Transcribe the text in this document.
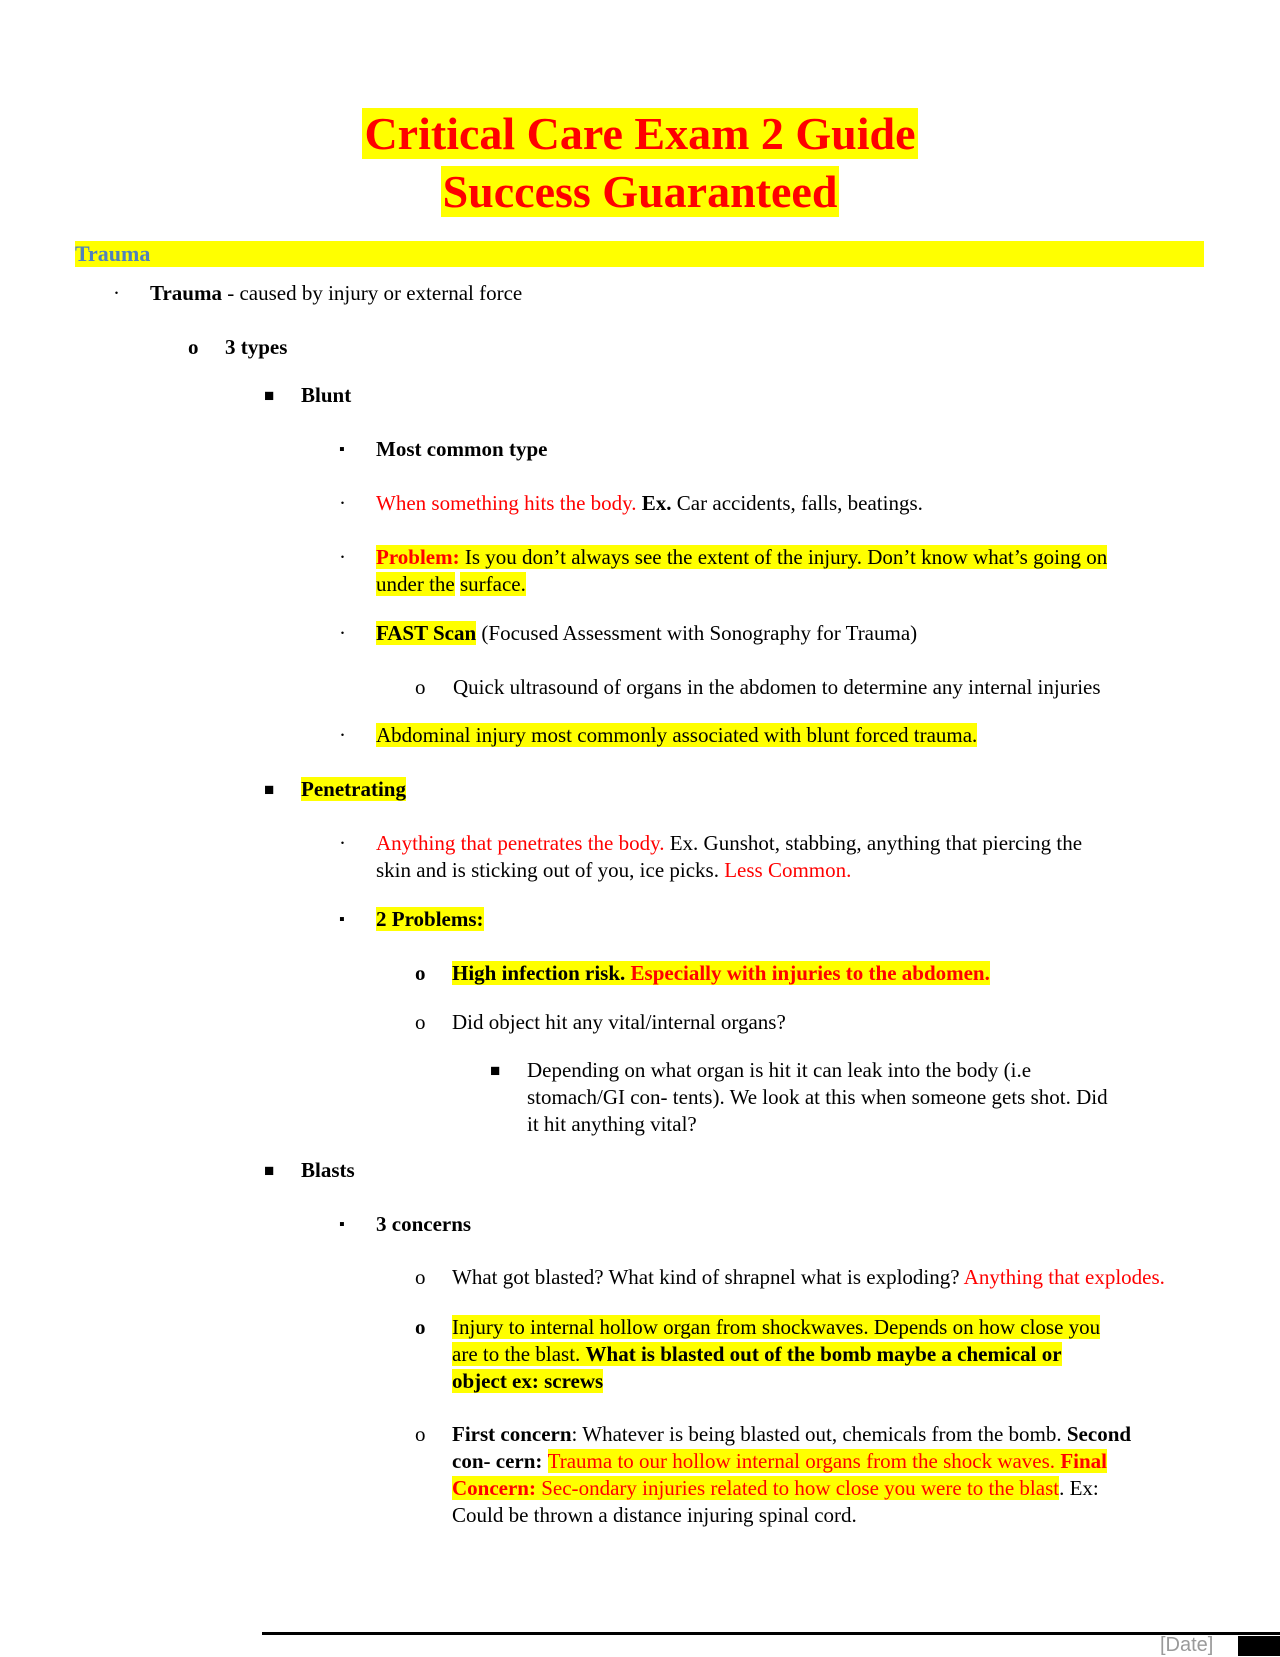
Critical Care Exam 2 Guide
Success Guaranteed
Trauma
· Trauma - caused by injury or external force
o 3 types
■ Blunt
▪ Most common type
· When something hits the body. Ex. Car accidents, falls, beatings.
· Problem: Is you don’t always see the extent of the injury. Don’t know what’s going on
under the surface.
· FAST Scan (Focused Assessment with Sonography for Trauma)
o Quick ultrasound of organs in the abdomen to determine any internal injuries
· Abdominal injury most commonly associated with blunt forced trauma.
■ Penetrating
· Anything that penetrates the body. Ex. Gunshot, stabbing, anything that piercing the
skin and is sticking out of you, ice picks. Less Common.
▪ 2 Problems:
o High infection risk. Especially with injuries to the abdomen.
o Did object hit any vital/internal organs?
■ Depending on what organ is hit it can leak into the body (i.e
stomach/GI con- tents). We look at this when someone gets shot. Did
it hit anything vital?
■ Blasts
▪ 3 concerns
o What got blasted? What kind of shrapnel what is exploding? Anything that explodes.
o Injury to internal hollow organ from shockwaves. Depends on how close you
are to the blast. What is blasted out of the bomb maybe a chemical or
object ex: screws
o First concern: Whatever is being blasted out, chemicals from the bomb. Second
con- cern: Trauma to our hollow internal organs from the shock waves. Final
Concern: Sec-ondary injuries related to how close you were to the blast. Ex:
Could be thrown a distance injuring spinal cord.
[Date]
